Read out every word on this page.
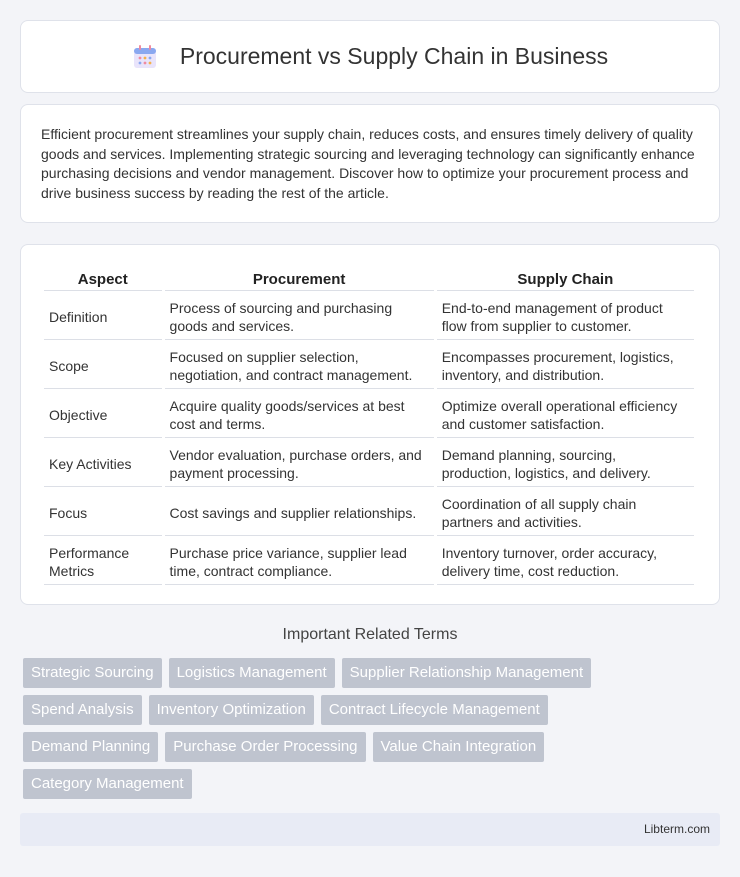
Procurement vs Supply Chain in Business

Efficient procurement streamlines your supply chain, reduces costs, and ensures timely delivery of quality goods and services. Implementing strategic sourcing and leveraging technology can significantly enhance purchasing decisions and vendor management. Discover how to optimize your procurement process and drive business success by reading the rest of the article.

Aspect	Procurement	Supply Chain
Definition	Process of sourcing and purchasing goods and services.	End-to-end management of product flow from supplier to customer.
Scope	Focused on supplier selection, negotiation, and contract management.	Encompasses procurement, logistics, inventory, and distribution.
Objective	Acquire quality goods/services at best cost and terms.	Optimize overall operational efficiency and customer satisfaction.
Key Activities	Vendor evaluation, purchase orders, and payment processing.	Demand planning, sourcing, production, logistics, and delivery.
Focus	Cost savings and supplier relationships.	Coordination of all supply chain partners and activities.
Performance Metrics	Purchase price variance, supplier lead time, contract compliance.	Inventory turnover, order accuracy, delivery time, cost reduction.
Important Related Terms
Strategic Sourcing	Logistics Management	Supplier Relationship Management
Spend Analysis	Inventory Optimization	Contract Lifecycle Management
Demand Planning	Purchase Order Processing	Value Chain Integration
Category Management
Libterm.com
